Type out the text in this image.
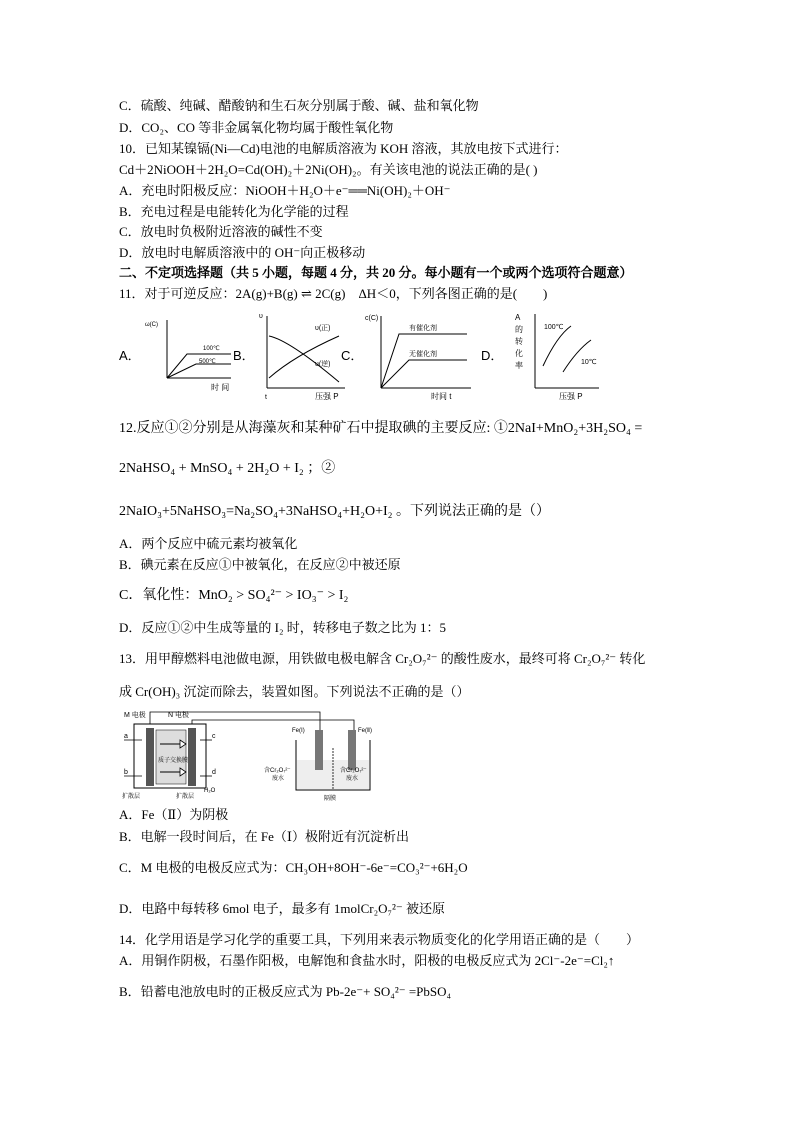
C．硫酸、纯碱、醋酸钠和生石灰分别属于酸、碱、盐和氧化物
D．CO₂、CO 等非金属氧化物均属于酸性氧化物
10．已知某镍镉(Ni—Cd)电池的电解质溶液为 KOH 溶液，其放电按下式进行：
Cd＋2NiOOH＋2H₂O=Cd(OH)₂＋2Ni(OH)₂。有关该电池的说法正确的是( )
A．充电时阳极反应：NiOOH＋H₂O＋e⁻══Ni(OH)₂＋OH⁻
B．充电过程是电能转化为化学能的过程
C．放电时负极附近溶液的碱性不变
D．放电时电解质溶液中的 OH⁻向正极移动
二、不定项选择题（共 5 小题，每题 4 分，共 20 分。每小题有一个或两个选项符合题意）
11．对于可逆反应：2A(g)+B(g) ⇌ 2C(g)　ΔH＜0，下列各图正确的是(　　)
A．
ω(C)
100℃
500℃
时 间
B．
υ
υ(正)
υ(逆)
t	压强 P
C．
c(C)
有催化剂
无催化剂
时间 t
D．
A
的
转
化
率
100℃
10℃
压强 P
12.反应①②分别是从海藻灰和某种矿石中提取碘的主要反应: ①2NaI+MnO₂+3H₂SO₄ =
2NaHSO₄ + MnSO₄ + 2H₂O + I₂ ；②
2NaIO₃+5NaHSO₃=Na₂SO₄+3NaHSO₄+H₂O+I₂ 。下列说法正确的是（）
A．两个反应中硫元素均被氧化
B．碘元素在反应①中被氧化，在反应②中被还原
C．氧化性：MnO₂ > SO₄²⁻ > IO₃⁻ > I₂
D．反应①②中生成等量的 I₂ 时，转移电子数之比为 1：5
13．用甲醇燃料电池做电源，用铁做电极电解含 Cr₂O₇²⁻ 的酸性废水，最终可将 Cr₂O₇²⁻ 转化
成 Cr(OH)₃ 沉淀而除去，装置如图。下列说法不正确的是（）
M 电极	N 电极
质子交换膜
a
b
c
d
扩散层	扩散层
H₂O
Fe(Ⅰ)	Fe(Ⅱ)
含Cr₂O₇²⁻
废水
含Cr₂O₇²⁻
废水
隔膜
A．Fe（Ⅱ）为阴极
B．电解一段时间后，在 Fe（Ⅰ）极附近有沉淀析出
C．M 电极的电极反应式为：CH₃OH+8OH⁻-6e⁻=CO₃²⁻+6H₂O
D．电路中每转移 6mol 电子，最多有 1molCr₂O₇²⁻ 被还原
14．化学用语是学习化学的重要工具，下列用来表示物质变化的化学用语正确的是（　　）
A．用铜作阴极，石墨作阳极，电解饱和食盐水时，阳极的电极反应式为 2Cl⁻-2e⁻=Cl₂↑
B．铅蓄电池放电时的正极反应式为 Pb-2e⁻+ SO₄²⁻ =PbSO₄
